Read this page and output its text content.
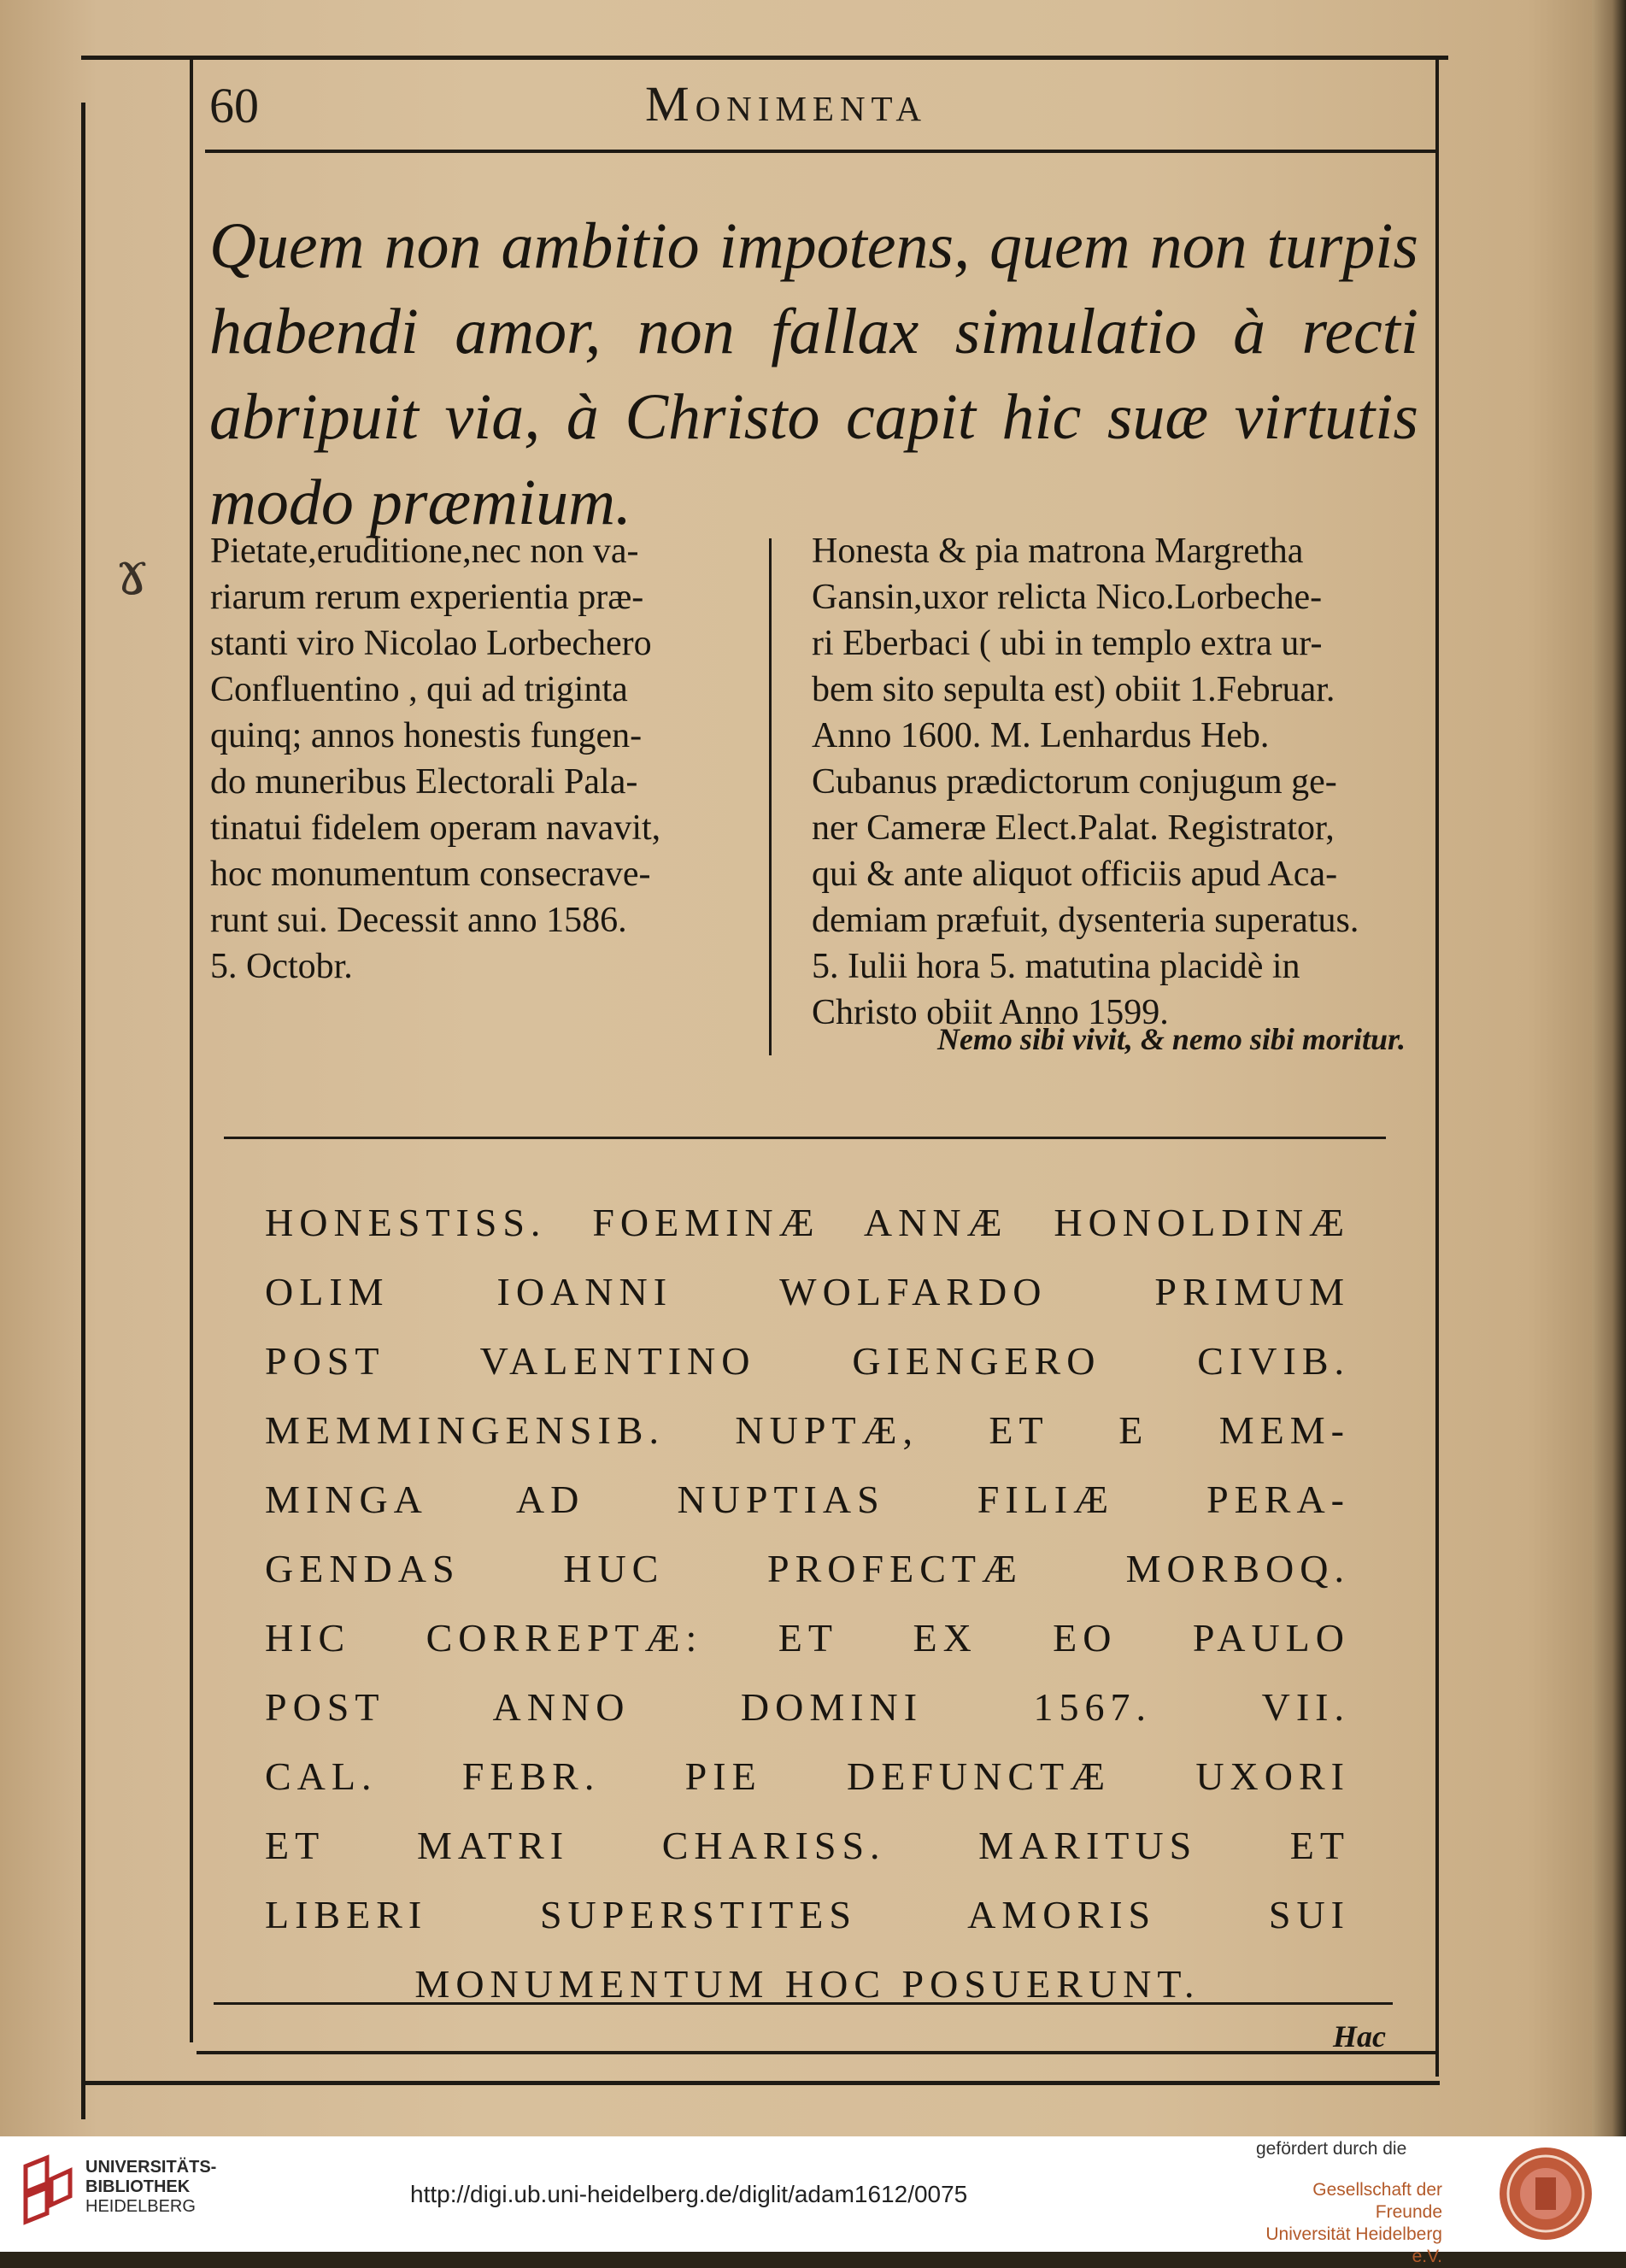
60	Monimenta
Quem non ambitio impotens, quem non turpis habendi amor, non fallax simulatio à recti abripuit via, à Christo capit hic suæ virtutis modo præmium.
ɤ Pietate,eruditione,nec non va-
riarum rerum experientia præ-
stanti viro Nicolao Lorbechero
Confluentino , qui ad triginta
quinq; annos honestis fungen-
do muneribus Electorali Pala-
tinatui fidelem operam navavit,
hoc monumentum consecrave-
runt sui. Decessit anno 1586.
5. Octobr.
Honesta & pia matrona Margretha
Gansin,uxor relicta Nico.Lorbeche-
ri Eberbaci ( ubi in templo extra ur-
bem sito sepulta est) obiit 1.Februar.
Anno 1600. M. Lenhardus Heb.
Cubanus prædictorum conjugum ge-
ner Cameræ Elect.Palat. Registrator,
qui & ante aliquot officiis apud Aca-
demiam præfuit, dysenteria superatus.
5. Iulii hora 5. matutina placidè in
Christo obiit Anno 1599.
Nemo sibi vivit, & nemo sibi moritur.
HONESTISS. FOEMINÆ ANNÆ HONOLDINÆ
OLIM IOANNI WOLFARDO PRIMUM
POST VALENTINO GIENGERO CIVIB.
MEMMINGENSIB. NUPTÆ, ET E MEM-
MINGA AD NUPTIAS FILIÆ PERA-
GENDAS HUC PROFECTÆ MORBOQ.
HIC CORREPTÆ: ET EX EO PAULO
POST ANNO DOMINI 1567. VII.
CAL. FEBR. PIE DEFUNCTÆ UXORI
ET MATRI CHARISS. MARITUS ET
LIBERI SUPERSTITES AMORIS SUI
MONUMENTUM HOC POSUERUNT.
Hac
UNIVERSITÄTS-
BIBLIOTHEK
HEIDELBERG	http://digi.ub.uni-heidelberg.de/diglit/adam1612/0075
gefördert durch die
Gesellschaft der Freunde
Universität Heidelberg e.V.
